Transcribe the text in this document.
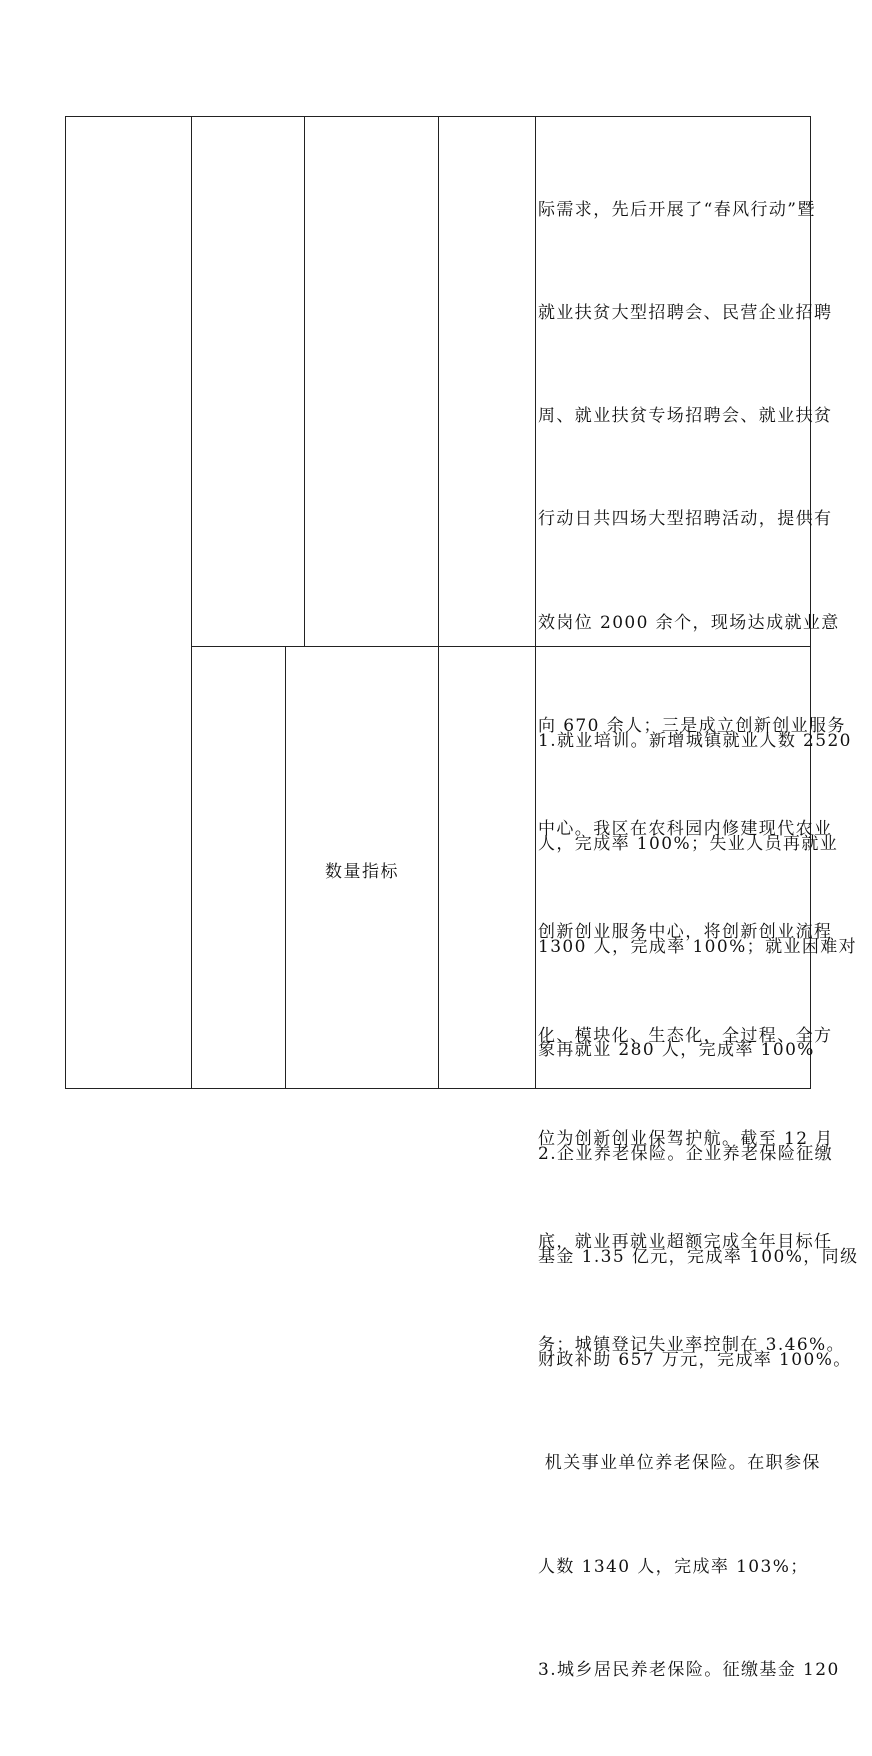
际需求，先后开展了“春风行动”暨

就业扶贫大型招聘会、民营企业招聘

周、就业扶贫专场招聘会、就业扶贫

行动日共四场大型招聘活动，提供有

效岗位 2000 余个，现场达成就业意

向 670 余人；三是成立创新创业服务

中心。我区在农科园内修建现代农业

创新创业服务中心，将创新创业流程

化、模块化、生态化，全过程、全方

位为创新创业保驾护航。截至 12 月

底，就业再就业超额完成全年目标任

务；城镇登记失业率控制在 3.46%。

数量指标

1.就业培训。新增城镇就业人数 2520

人，完成率 100%；失业人员再就业

1300 人，完成率 100%；就业困难对

象再就业 280 人，完成率 100%

2.企业养老保险。企业养老保险征缴

基金 1.35 亿元，完成率 100%，同级

财政补助 657 万元，完成率 100%。

机关事业单位养老保险。在职参保

人数 1340 人，完成率 103%；

3.城乡居民养老保险。征缴基金 120
